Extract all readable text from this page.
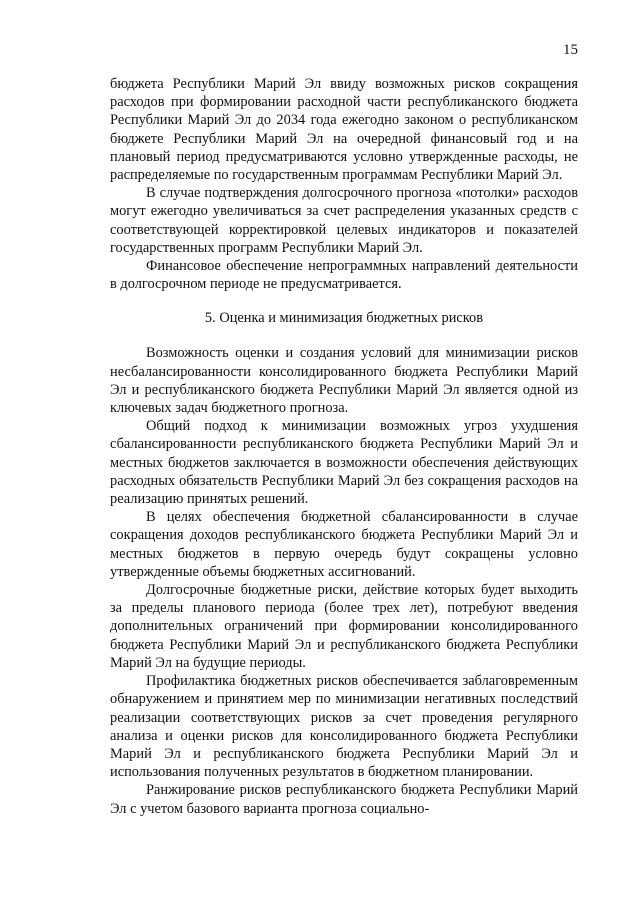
15

бюджета Республики Марий Эл ввиду возможных рисков сокращения расходов при формировании расходной части республиканского бюджета Республики Марий Эл до 2034 года ежегодно законом о республиканском бюджете Республики Марий Эл на очередной финансовый год и на плановый период предусматриваются условно утвержденные расходы, не распределяемые по государственным программам Республики Марий Эл.

В случае подтверждения долгосрочного прогноза «потолки» расходов могут ежегодно увеличиваться за счет распределения указанных средств с соответствующей корректировкой целевых индикаторов и показателей государственных программ Республики Марий Эл.

Финансовое обеспечение непрограммных направлений деятельности в долгосрочном периоде не предусматривается.

5. Оценка и минимизация бюджетных рисков

Возможность оценки и создания условий для минимизации рисков несбалансированности консолидированного бюджета Республики Марий Эл и республиканского бюджета Республики Марий Эл является одной из ключевых задач бюджетного прогноза.

Общий подход к минимизации возможных угроз ухудшения сбалансированности республиканского бюджета Республики Марий Эл и местных бюджетов заключается в возможности обеспечения действующих расходных обязательств Республики Марий Эл без сокращения расходов на реализацию принятых решений.

В целях обеспечения бюджетной сбалансированности в случае сокращения доходов республиканского бюджета Республики Марий Эл и местных бюджетов в первую очередь будут сокращены условно утвержденные объемы бюджетных ассигнований.

Долгосрочные бюджетные риски, действие которых будет выходить за пределы планового периода (более трех лет), потребуют введения дополнительных ограничений при формировании консолидированного бюджета Республики Марий Эл и республиканского бюджета Республики Марий Эл на будущие периоды.

Профилактика бюджетных рисков обеспечивается заблаговременным обнаружением и принятием мер по минимизации негативных последствий реализации соответствующих рисков за счет проведения регулярного анализа и оценки рисков для консолидированного бюджета Республики Марий Эл и республиканского бюджета Республики Марий Эл и использования полученных результатов в бюджетном планировании.

Ранжирование рисков республиканского бюджета Республики Марий Эл с учетом базового варианта прогноза социально-
